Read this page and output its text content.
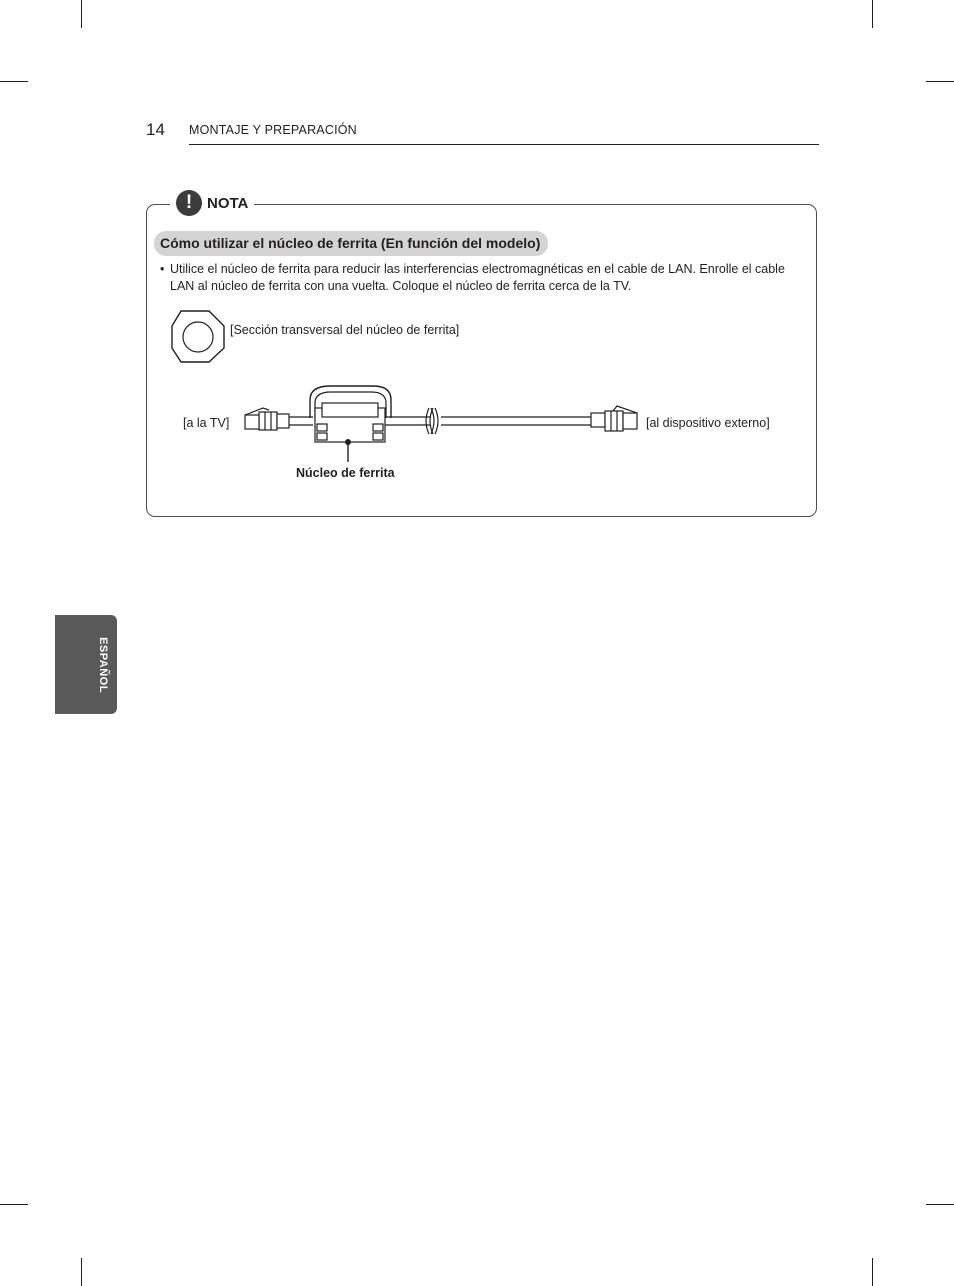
14 MONTAJE Y PREPARACIÓN
! NOTA
Cómo utilizar el núcleo de ferrita (En función del modelo)
• Utilice el núcleo de ferrita para reducir las interferencias electromagnéticas en el cable de LAN. Enrolle el cable LAN al núcleo de ferrita con una vuelta. Coloque el núcleo de ferrita cerca de la TV.
[Sección transversal del núcleo de ferrita]
[a la TV]	[al dispositivo externo]
Núcleo de ferrita
ESPAÑOL
